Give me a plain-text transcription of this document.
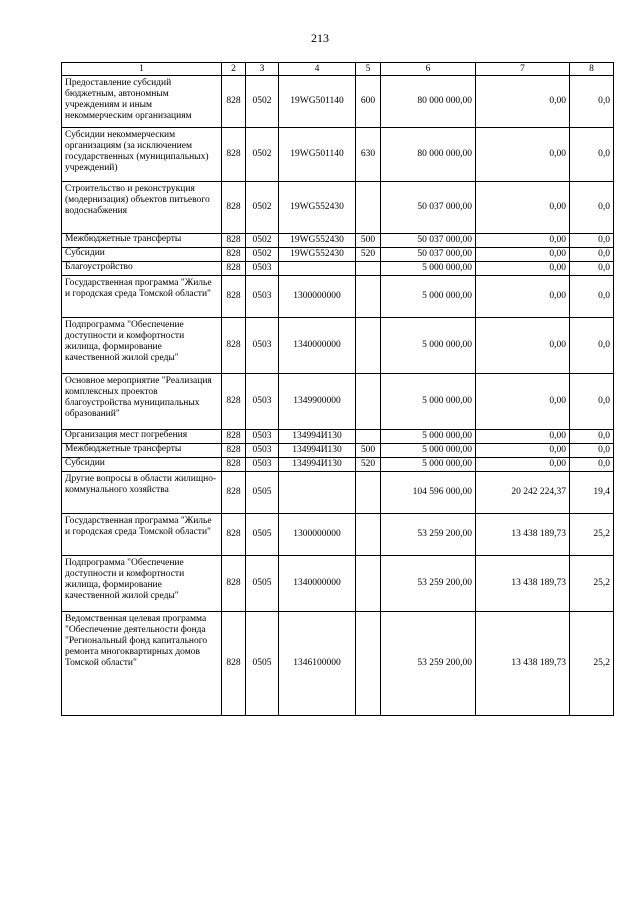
213
1	2	3	4	5	6	7	8
Предоставление субсидий бюджетным, автономным учреждениям и иным некоммерческим организациям	828	0502	19WG501140	600	80 000 000,00	0,00	0,0
Субсидии некоммерческим организациям (за исключением государственных (муниципальных) учреждений)	828	0502	19WG501140	630	80 000 000,00	0,00	0,0
Строительство и реконструкция (модернизация) объектов питьевого водоснабжения	828	0502	19WG552430		50 037 000,00	0,00	0,0
Межбюджетные трансферты	828	0502	19WG552430	500	50 037 000,00	0,00	0,0
Субсидии	828	0502	19WG552430	520	50 037 000,00	0,00	0,0
Благоустройство	828	0503			5 000 000,00	0,00	0,0
Государственная программа "Жилье и городская среда Томской области"	828	0503	1300000000		5 000 000,00	0,00	0,0
Подпрограмма "Обеспечение доступности и комфортности жилища, формирование качественной жилой среды"	828	0503	1340000000		5 000 000,00	0,00	0,0
Основное мероприятие "Реализация комплексных проектов благоустройства муниципальных образований"	828	0503	1349900000		5 000 000,00	0,00	0,0
Организация мест погребения	828	0503	134994И130		5 000 000,00	0,00	0,0
Межбюджетные трансферты	828	0503	134994И130	500	5 000 000,00	0,00	0,0
Субсидии	828	0503	134994И130	520	5 000 000,00	0,00	0,0
Другие вопросы в области жилищно-коммунального хозяйства	828	0505			104 596 000,00	20 242 224,37	19,4
Государственная программа "Жилье и городская среда Томской области"	828	0505	1300000000		53 259 200,00	13 438 189,73	25,2
Подпрограмма "Обеспечение доступности и комфортности жилища, формирование качественной жилой среды"	828	0505	1340000000		53 259 200,00	13 438 189,73	25,2
Ведомственная целевая программа "Обеспечение деятельности фонда "Региональный фонд капитального ремонта многоквартирных домов Томской области"	828	0505	1346100000		53 259 200,00	13 438 189,73	25,2
